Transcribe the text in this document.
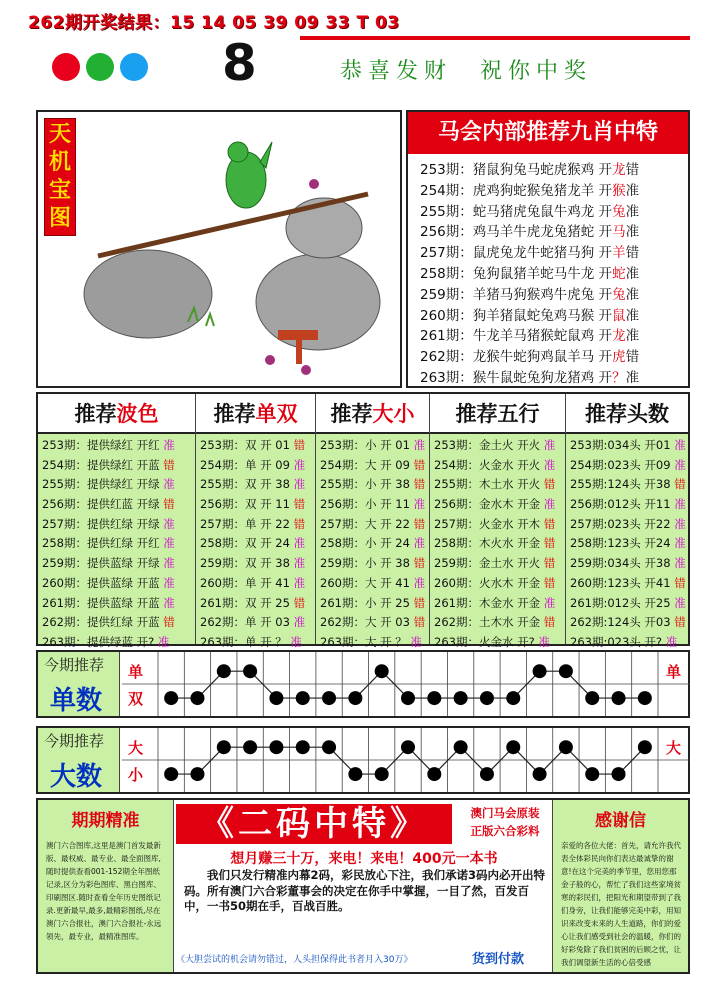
262期开奖结果：15 14 05 39 09 33 T 03
8	恭喜发财　祝你中奖
天机宝图
马会内部推荐九肖中特
253期：猪鼠狗兔马蛇虎猴鸡 开龙错
254期：虎鸡狗蛇猴兔猪龙羊 开猴准
255期：蛇马猪虎兔鼠牛鸡龙 开兔准
256期：鸡马羊牛虎龙兔猪蛇 开马准
257期：鼠虎兔龙牛蛇猪马狗 开羊错
258期：兔狗鼠猪羊蛇马牛龙 开蛇准
259期：羊猪马狗猴鸡牛虎兔 开兔准
260期：狗羊猪鼠蛇兔鸡马猴 开鼠准
261期：牛龙羊马猪猴蛇鼠鸡 开龙准
262期：龙猴牛蛇狗鸡鼠羊马 开虎错
263期：猴牛鼠蛇兔狗龙猪鸡 开？准
推荐波色
253期：提供绿红 开红 准
254期：提供绿红 开蓝 错
255期：提供绿红 开绿 准
256期：提供红蓝 开绿 错
257期：提供红绿 开绿 准
258期：提供红绿 开红 准
259期：提供蓝绿 开绿 准
260期：提供蓝绿 开蓝 准
261期：提供蓝绿 开蓝 准
262期：提供红绿 开蓝 错
263期：提供绿蓝 开? 准
推荐单双
253期：双 开 01 错
254期：单 开 09 准
255期：双 开 38 准
256期：双 开 11 错
257期：单 开 22 错
258期：双 开 24 准
259期：双 开 38 准
260期：单 开 41 准
261期：双 开 25 错
262期：单 开 03 准
263期：单 开 ？ 准
推荐大小
253期：小 开 01 准
254期：大 开 09 错
255期：小 开 38 错
256期：小 开 11 准
257期：大 开 22 错
258期：小 开 24 准
259期：小 开 38 错
260期：大 开 41 准
261期：小 开 25 错
262期：大 开 03 错
263期：大 开 ？ 准
推荐五行
253期：金土火 开火 准
254期：火金水 开火 准
255期：木土水 开火 错
256期：金水木 开金 准
257期：火金水 开木 错
258期：木火水 开金 错
259期：金土水 开火 错
260期：火水木 开金 错
261期：木金水 开金 准
262期：土木水 开金 错
263期：火金水 开? 准
推荐头数
253期:034头 开01 准
254期:023头 开09 准
255期:124头 开38 错
256期:012头 开11 准
257期:023头 开22 准
258期:123头 开24 准
259期:034头 开38 准
260期:123头 开41 错
261期:012头 开25 准
262期:124头 开03 错
263期:023头 开? 准
今期推荐
单数
单
双
单
今期推荐
大数
大
小
大
期期精准
澳门六合图库,这里是澳门首发最新版、最权威、最专业、最全面图库,随时提供查看001-152期全年图纸记录,区分为彩色图库、黑白图库、印刷图区.随时查看全年历史图纸记录.更新最早,最多,最精彩图纸,尽在澳门六合报社，澳门六合报社-永远领先，最专业，最精准图库。
《二码中特》	澳门马会原装
正版六合彩料
想月赚三十万，来电！来电！400元一本书
我们只发行精准内幕2码，彩民放心下注，我们承诺3码内必开出特码。所有澳门六合彩董事会的决定在你手中掌握，一目了然，百发百中，一书50期在手，百战百胜。
《大胆尝试的机会请勿错过，人头担保得此书者月入30万》	货到付款
感谢信
亲爱的各位大佬：首先，请允许我代表全体彩民向你们表达最诚挚的谢意!在这个完美的季节里，您用您那金子般的心，帮忙了我们这些家境贫寒的彩民们，把阳光和期望带到了我们身旁，让我们能够完美中彩，用知识来改变未来的人生道路，你们的爱心让我们感受到社会的温暖，你们的好彩兔除了我们贫困的后顾之忧，让我们调望新生活的心倍受感
